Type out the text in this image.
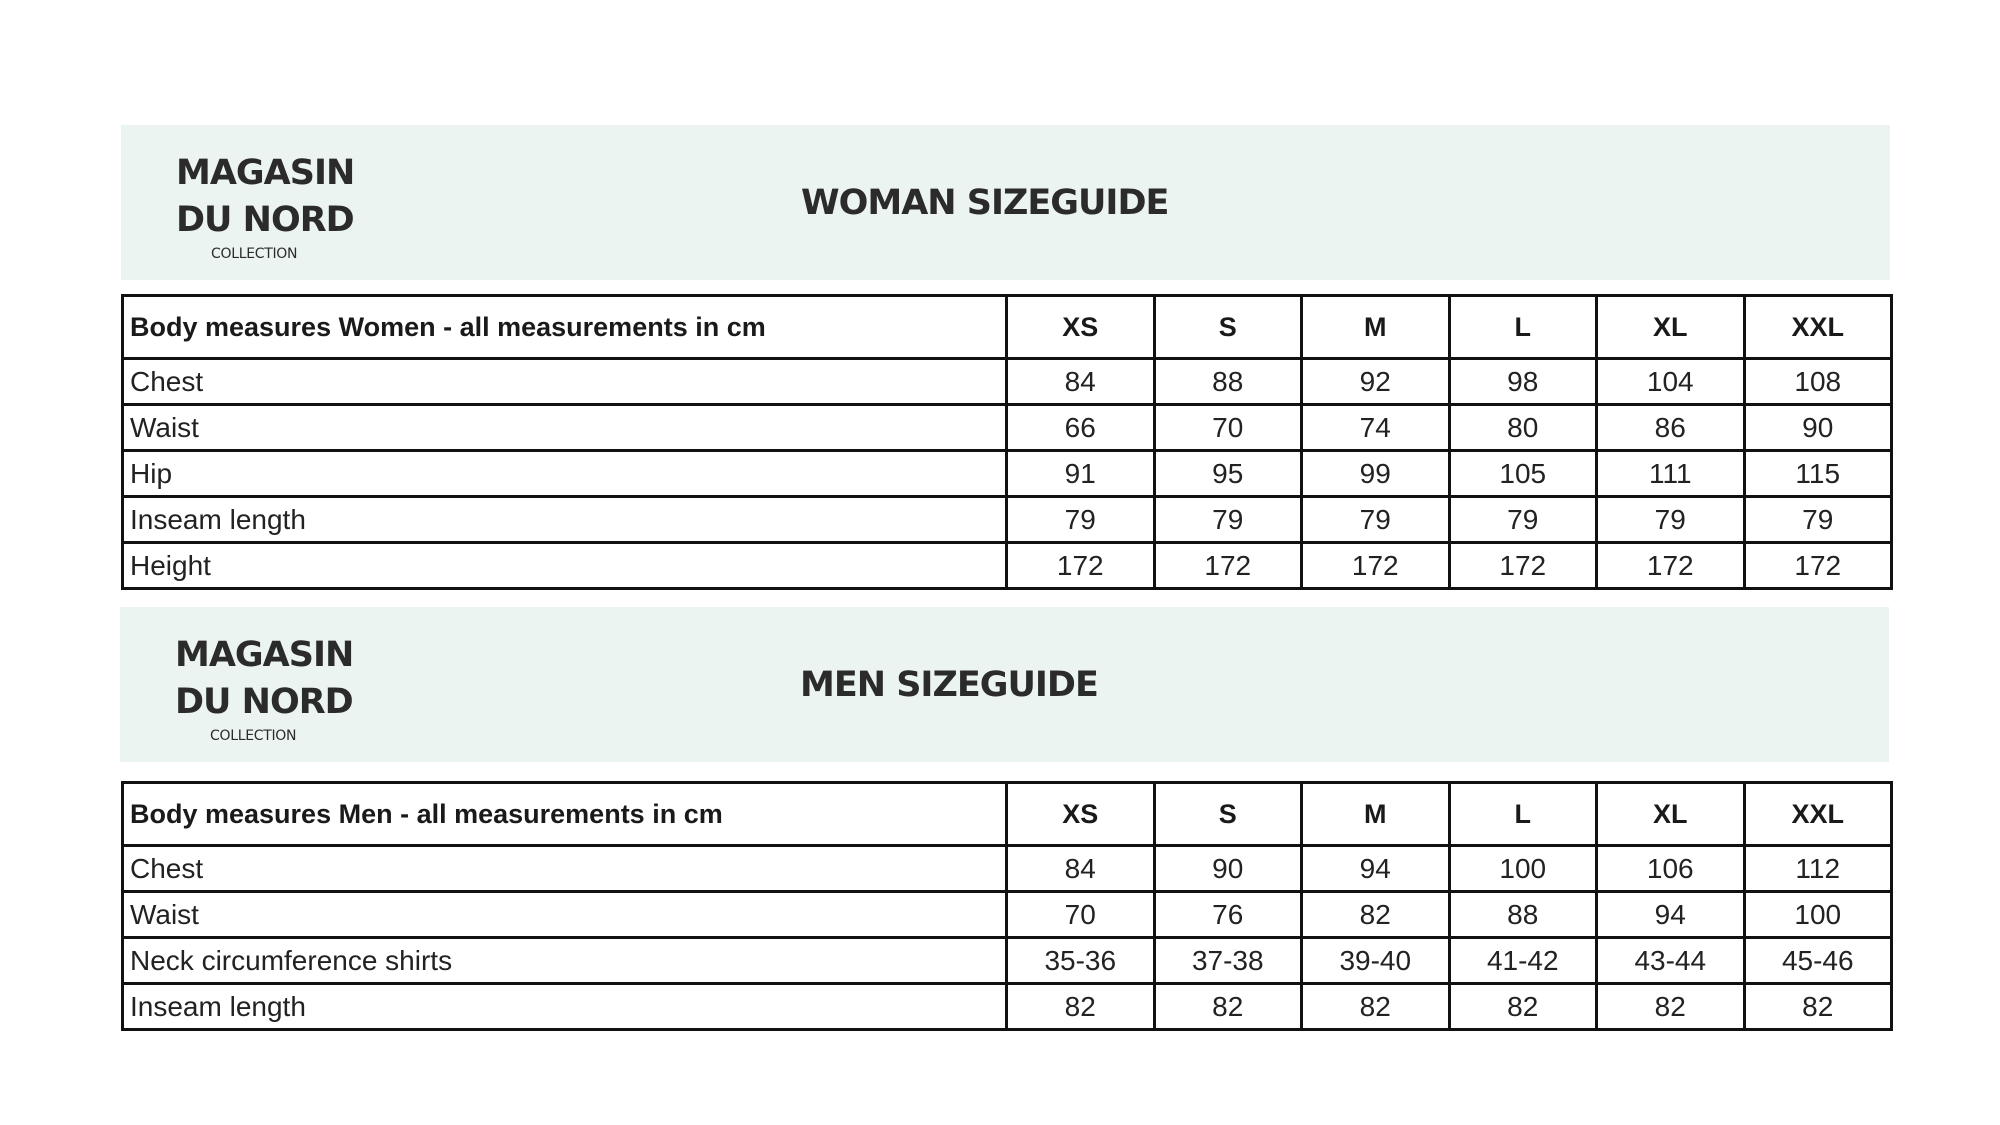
MAGASIN
DU NORD
COLLECTION
WOMAN SIZEGUIDE
Body measures Women - all measurements in cm	XS	S	M	L	XL	XXL
Chest	84	88	92	98	104	108
Waist	66	70	74	80	86	90
Hip	91	95	99	105	111	115
Inseam length	79	79	79	79	79	79
Height	172	172	172	172	172	172
MAGASIN
DU NORD
COLLECTION
MEN SIZEGUIDE
Body measures Men - all measurements in cm	XS	S	M	L	XL	XXL
Chest	84	90	94	100	106	112
Waist	70	76	82	88	94	100
Neck circumference shirts	35-36	37-38	39-40	41-42	43-44	45-46
Inseam length	82	82	82	82	82	82
